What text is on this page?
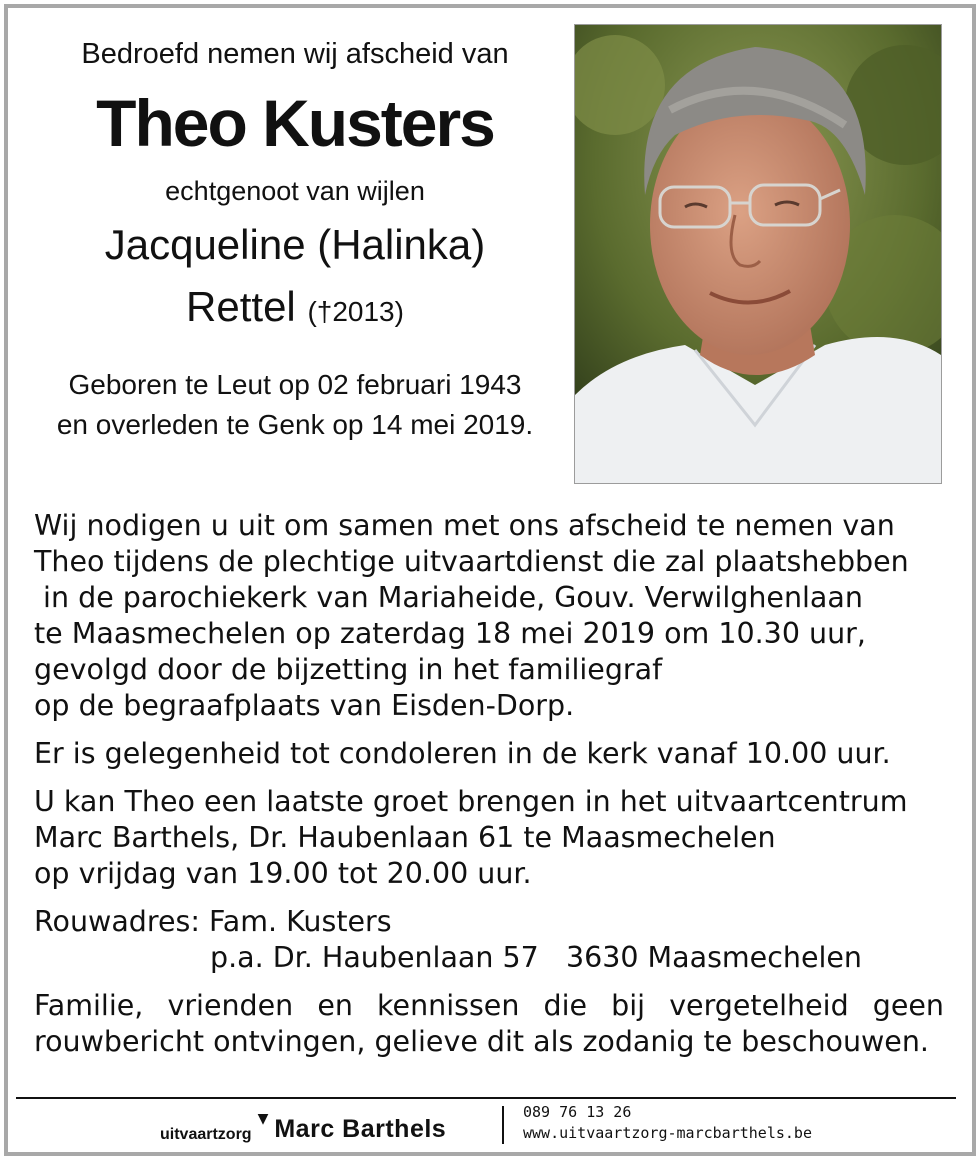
Bedroefd nemen wij afscheid van
Theo Kusters
echtgenoot van wijlen
Jacqueline (Halinka)
Rettel (†2013)
Geboren te Leut op 02 februari 1943
en overleden te Genk op 14 mei 2019.

Wij nodigen u uit om samen met ons afscheid te nemen van

Theo tijdens de plechtige uitvaartdienst die zal plaatshebben

in de parochiekerk van Mariaheide, Gouv. Verwilghenlaan

te Maasmechelen op zaterdag 18 mei 2019 om 10.30 uur,

gevolgd door de bijzetting in het familiegraf

op de begraafplaats van Eisden-Dorp.

Er is gelegenheid tot condoleren in de kerk vanaf 10.00 uur.

U kan Theo een laatste groet brengen in het uitvaartcentrum

Marc Barthels, Dr. Haubenlaan 61 te Maasmechelen

op vrijdag van 19.00 tot 20.00 uur.

Rouwadres: Fam. Kusters

p.a. Dr. Haubenlaan 57   3630 Maasmechelen

Familie, vrienden en kennissen die bij vergetelheid geen

rouwbericht ontvingen, gelieve dit als zodanig te beschouwen.

uitvaartzorg
▼ Marc Barthels
089 76 13 26
www.uitvaartzorg-marcbarthels.be
